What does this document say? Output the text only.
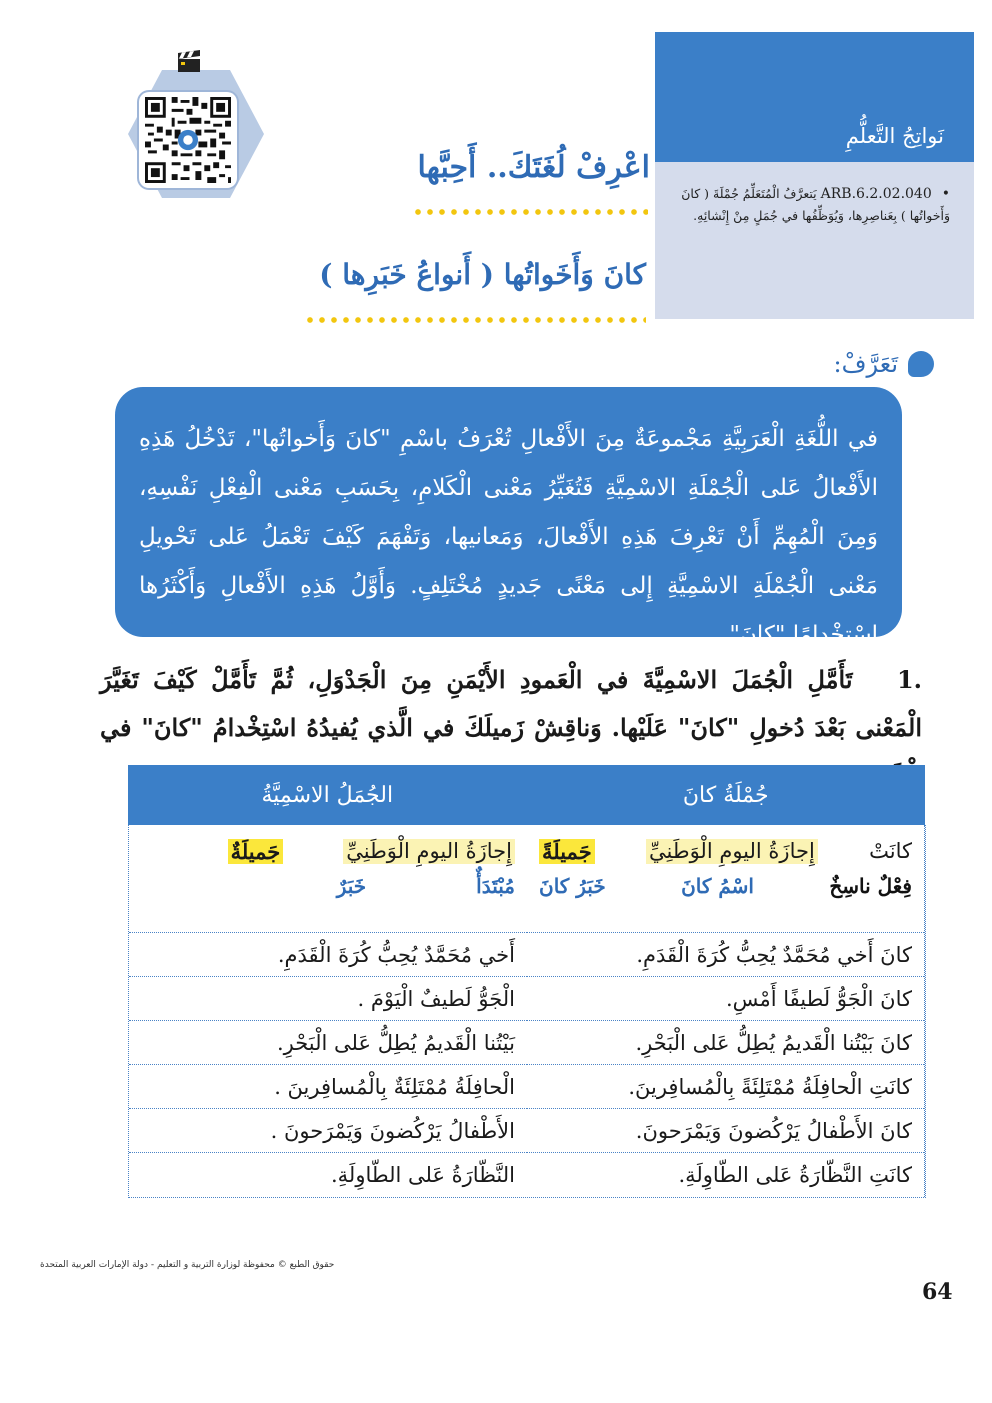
نَواتِجُ التَّعلُّمِ
• ARB.6.2.02.040 يَتعرَّفُ الْمُتَعَلِّمُ جُمْلَةَ ( كانَ وَأَخواتُها ) بِعَناصِرِها، وَيُوَظِّفُها في جُمَلٍ مِنْ إِنْشائِهِ.
اعْرِفْ لُغَتَكَ.. أَحِبَّها
كانَ وَأَخَواتُها ( أَنواعُ خَبَرِها )
تَعَرَّفْ:

في اللُّغَةِ الْعَرَبِيَّةِ مَجْموعَةٌ مِنَ الأَفْعالِ تُعْرَفُ باسْمِ "كانَ وَأَخواتُها"، تَدْخُلُ هَذِهِ الأَفْعالُ عَلى الْجُمْلَةِ الاسْمِيَّةِ فَتُغَيِّرُ مَعْنى الْكَلامِ، بِحَسَبِ مَعْنى الْفِعْلِ نَفْسِهِ، وَمِنَ الْمُهِمِّ أَنْ تَعْرِفَ هَذِهِ الأَفْعالَ، وَمَعانيها، وَتَفْهَمَ كَيْفَ تَعْمَلُ عَلى تَحْويلِ مَعْنى الْجُمْلَةِ الاسْمِيَّةِ إِلى مَعْنًى جَديدٍ مُخْتَلِفٍ. وَأَوَّلُ هَذِهِ الأَفْعالِ وَأَكْثَرُها اسْتِخْدامًا "كانَ".

1. تَأَمَّلِ الْجُمَلَ الاسْمِيَّةَ في الْعَمودِ الأَيْمَنِ مِنَ الْجَدْوَلِ، ثُمَّ تَأَمَّلْ كَيْفَ تَغَيَّرَ الْمَعْنى بَعْدَ دُخولِ "كانَ" عَلَيْها. وَناقِشْ زَميلَكَ في الَّذي يُفيدُهُ اسْتِخْدامُ "كانَ" في
الجُمَلُ الاسْمِيَّةُ	جُمْلَةُ كانَ
إِجازَةُ اليومِ الْوَطَنِيِّ
جَميلَةٌ
مُبْتَدَأٌ
خَبَرٌ
أَخي مُحَمَّدٌ يُحِبُّ كُرَةَ الْقَدَمِ.
الْجَوُّ لَطيفٌ الْيَوْمَ .
بَيْتُنا الْقَديمُ يُطِلُّ عَلى الْبَحْرِ.
الْحافِلَةُ مُمْتَلِئَةٌ بِالْمُسافِرينَ .
الأَطْفالُ يَرْكُضونَ وَيَمْرَحونَ .
النَّظّارَةُ عَلى الطّاوِلَةِ.
كانَتْ
إِجازَةُ اليومِ الْوَطَنِيِّ
جَميلَةً
فِعْلٌ ناسِخٌ
اسْمُ كانَ
خَبَرُ كانَ
كانَ أَخي مُحَمَّدٌ يُحِبُّ كُرَةَ الْقَدَمِ.
كانَ الْجَوُّ لَطيفًا أَمْسِ.
كانَ بَيْتُنا الْقَديمُ يُطِلُّ عَلى الْبَحْرِ.
كانَتِ الْحافِلَةُ مُمْتَلِئَةً بِالْمُسافِرينَ.
كانَ الأَطْفالُ يَرْكُضونَ وَيَمْرَحونَ.
كانَتِ النَّظّارَةُ عَلى الطّاوِلَةِ.
حقوق الطبع © محفوظة لوزارة التربية و التعليم - دولة الإمارات العربية المتحدة
64
